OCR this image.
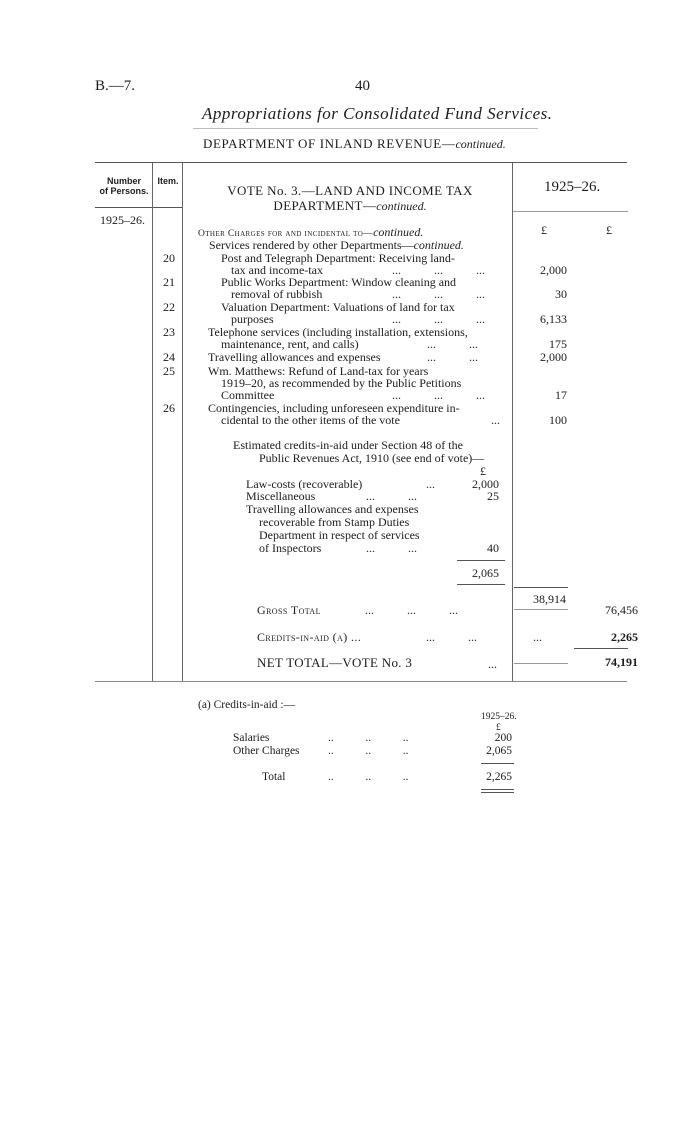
B.—7.	40
Appropriations for Consolidated Fund Services.
DEPARTMENT OF INLAND REVENUE—continued.
Number
of Persons.
Item.
VOTE No. 3.—LAND AND INCOME TAX
DEPARTMENT—continued.
1925–26.
1925–26.
£	£
Other Charges for and incidental to—continued.
Services rendered by other Departments—continued.
20	Post and Telegraph Department: Receiving land-
tax and income-tax	...           ...           ...	2,000
21	Public Works Department: Window cleaning and
removal of rubbish	...           ...           ...	30
22	Valuation Department: Valuations of land for tax
purposes	...           ...           ...	6,133
23	Telephone services (including installation, extensions,
maintenance, rent, and calls)	...           ...	175
24	Travelling allowances and expenses	...           ...	2,000
25	Wm. Matthews: Refund of Land-tax for years
1919–20, as recommended by the Public Petitions
Committee	...           ...           ...	17
26	Contingencies, including unforeseen expenditure in-
cidental to the other items of the vote	...	100
Estimated credits-in-aid under Section 48 of the
Public Revenues Act, 1910 (see end of vote)—
£
Law-costs (recoverable)	...	2,000
Miscellaneous	...           ...	25
Travelling allowances and expenses
recoverable from Stamp Duties
Department in respect of services
of Inspectors	...           ...	40
2,065
38,914
Gross Total	...           ...           ...	76,456
Credits-in-aid (a) ...	...           ...	...	2,265
NET TOTAL—VOTE No. 3	...	74,191
(a) Credits-in-aid :—
1925–26.
£
Salaries	..           ..           ..	200
Other Charges ..           ..           ..	2,065
Total	..           ..           ..	2,265
